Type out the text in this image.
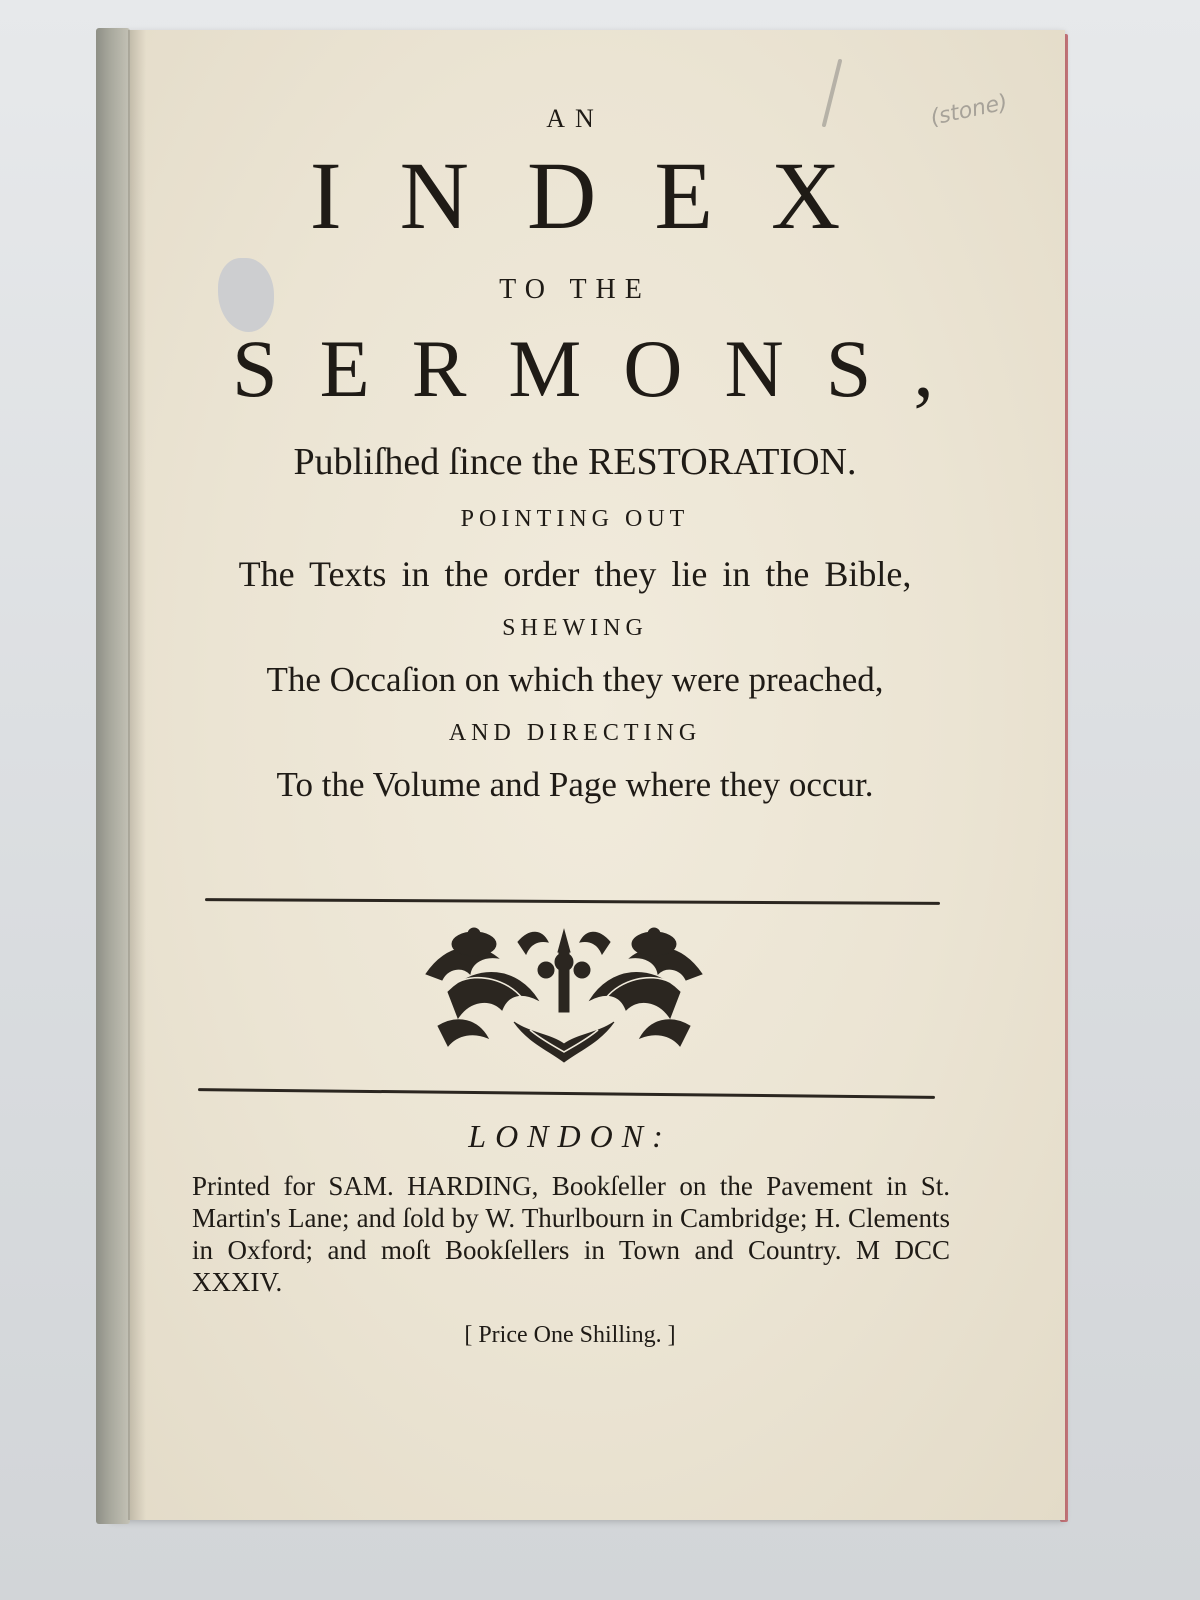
(stone)
AN
INDEX
TO THE
SERMONS,
Publiſhed ſince the RESTORATION.
POINTING OUT
The Texts in the order they lie in the Bible,
SHEWING
The Occaſion on which they were preached,
AND DIRECTING
To the Volume and Page where they occur.
LONDON:
Printed for SAM. HARDING, Bookſeller on the Pavement in St. Martin's Lane; and ſold by W. Thurlbourn in Cambridge; H. Clements in Oxford; and moſt Bookſellers in Town and Country. M DCC XXXIV.
[ Price One Shilling. ]
